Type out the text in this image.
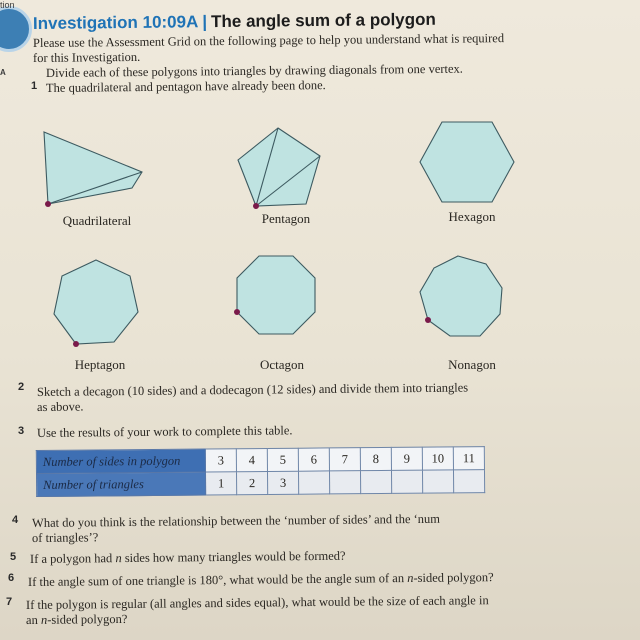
tion
A
Investigation 10:09A | The angle sum of a polygon
Please use the Assessment Grid on the following page to help you understand what is required
for this Investigation.
1
Divide each of these polygons into triangles by drawing diagonals from one vertex.
The quadrilateral and pentagon have already been done.
Quadrilateral	Pentagon	Hexagon
Heptagon	Octagon	Nonagon
2 Sketch a decagon (10 sides) and a dodecagon (12 sides) and divide them into triangles
as above.
3 Use the results of your work to complete this table.
Number of sides in polygon	3	4	5	6	7	8	9	10	11
Number of triangles	1	2	3						
4 What do you think is the relationship between the ‘number of sides’ and the ‘num
of triangles’?
5 If a polygon had n sides how many triangles would be formed?
6 If the angle sum of one triangle is 180°, what would be the angle sum of an n-sided polygon?
7 If the polygon is regular (all angles and sides equal), what would be the size of each angle in
an n-sided polygon?
